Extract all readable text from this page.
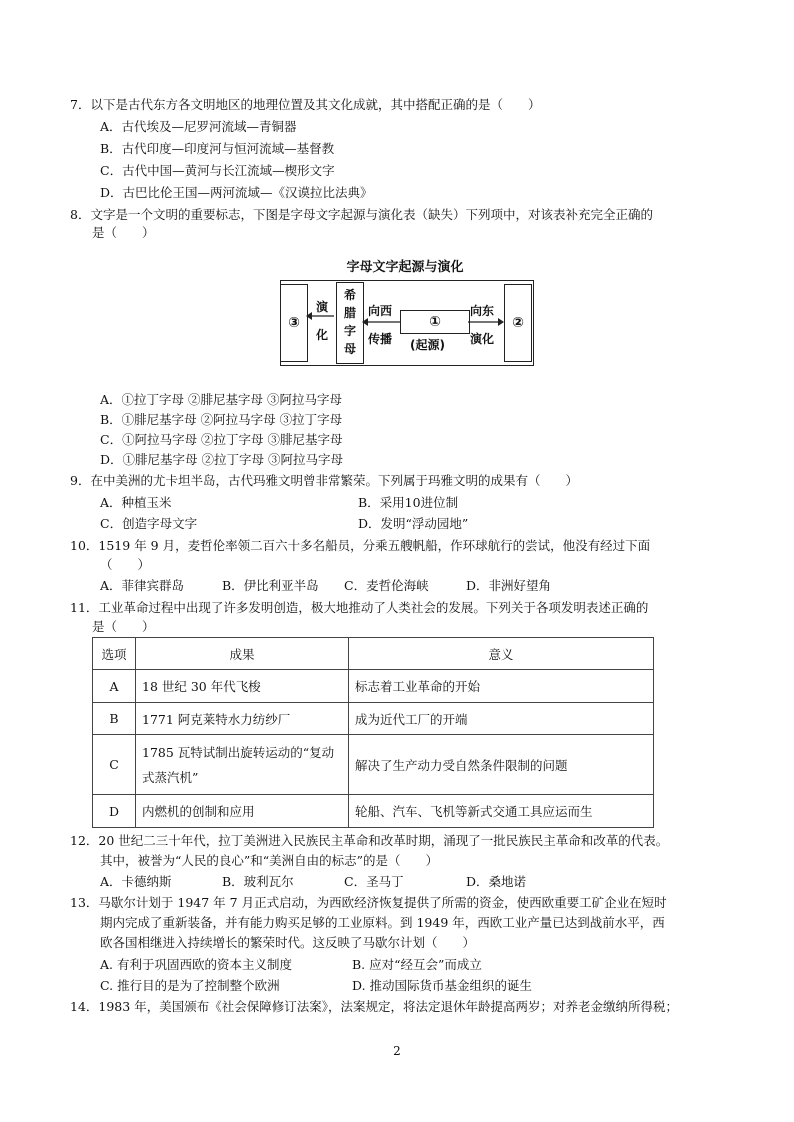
7．以下是古代东方各文明地区的地理位置及其文化成就，其中搭配正确的是（　　）
A．古代埃及—尼罗河流域—青铜器
B．古代印度—印度河与恒河流域—基督教
C．古代中国—黄河与长江流域—楔形文字
D．古巴比伦王国—两河流域—《汉谟拉比法典》
8．文字是一个文明的重要标志，下图是字母文字起源与演化表（缺失）下列项中，对该表补充完全正确的
是（　　）
字母文字起源与演化
③
演
化
希
腊
字
母
向西
传播
①
(起源)
向东
演化
②
A．①拉丁字母 ②腓尼基字母 ③阿拉马字母
B．①腓尼基字母 ②阿拉马字母 ③拉丁字母
C．①阿拉马字母 ②拉丁字母 ③腓尼基字母
D．①腓尼基字母 ②拉丁字母 ③阿拉马字母
9．在中美洲的尤卡坦半岛，古代玛雅文明曾非常繁荣。下列属于玛雅文明的成果有（　　）
A．种植玉米	B．采用10进位制
C．创造字母文字	D．发明“浮动园地”
10．1519 年 9 月，麦哲伦率领二百六十多名船员，分乘五艘帆船，作环球航行的尝试，他没有经过下面
（　　）
A．菲律宾群岛	B．伊比利亚半岛 C．麦哲伦海峡	D．非洲好望角
11．工业革命过程中出现了许多发明创造，极大地推动了人类社会的发展。下列关于各项发明表述正确的
是（　　）
选项	成果	意义
A	18 世纪 30 年代飞梭	标志着工业革命的开始
B	1771 阿克莱特水力纺纱厂	成为近代工厂的开端
C	1785 瓦特试制出旋转运动的“复动式蒸汽机”	解决了生产动力受自然条件限制的问题
D	内燃机的创制和应用	轮船、汽车、飞机等新式交通工具应运而生
12．20 世纪二三十年代，拉丁美洲进入民族民主革命和改革时期，涌现了一批民族民主革命和改革的代表。
其中，被誉为“人民的良心”和“美洲自由的标志”的是（　　）
A．卡德纳斯	B．玻利瓦尔	C．圣马丁	D．桑地诺
13．马歇尔计划于 1947 年 7 月正式启动，为西欧经济恢复提供了所需的资金，使西欧重要工矿企业在短时
期内完成了重新装备，并有能力购买足够的工业原料。到 1949 年，西欧工业产量已达到战前水平，西
欧各国相继进入持续增长的繁荣时代。这反映了马歇尔计划（　　）
A. 有利于巩固西欧的资本主义制度	B. 应对“经互会”而成立
C. 推行目的是为了控制整个欧洲	D. 推动国际货币基金组织的诞生
14．1983 年，美国颁布《社会保障修订法案》，法案规定，将法定退休年龄提高两岁；对养老金缴纳所得税；
2
